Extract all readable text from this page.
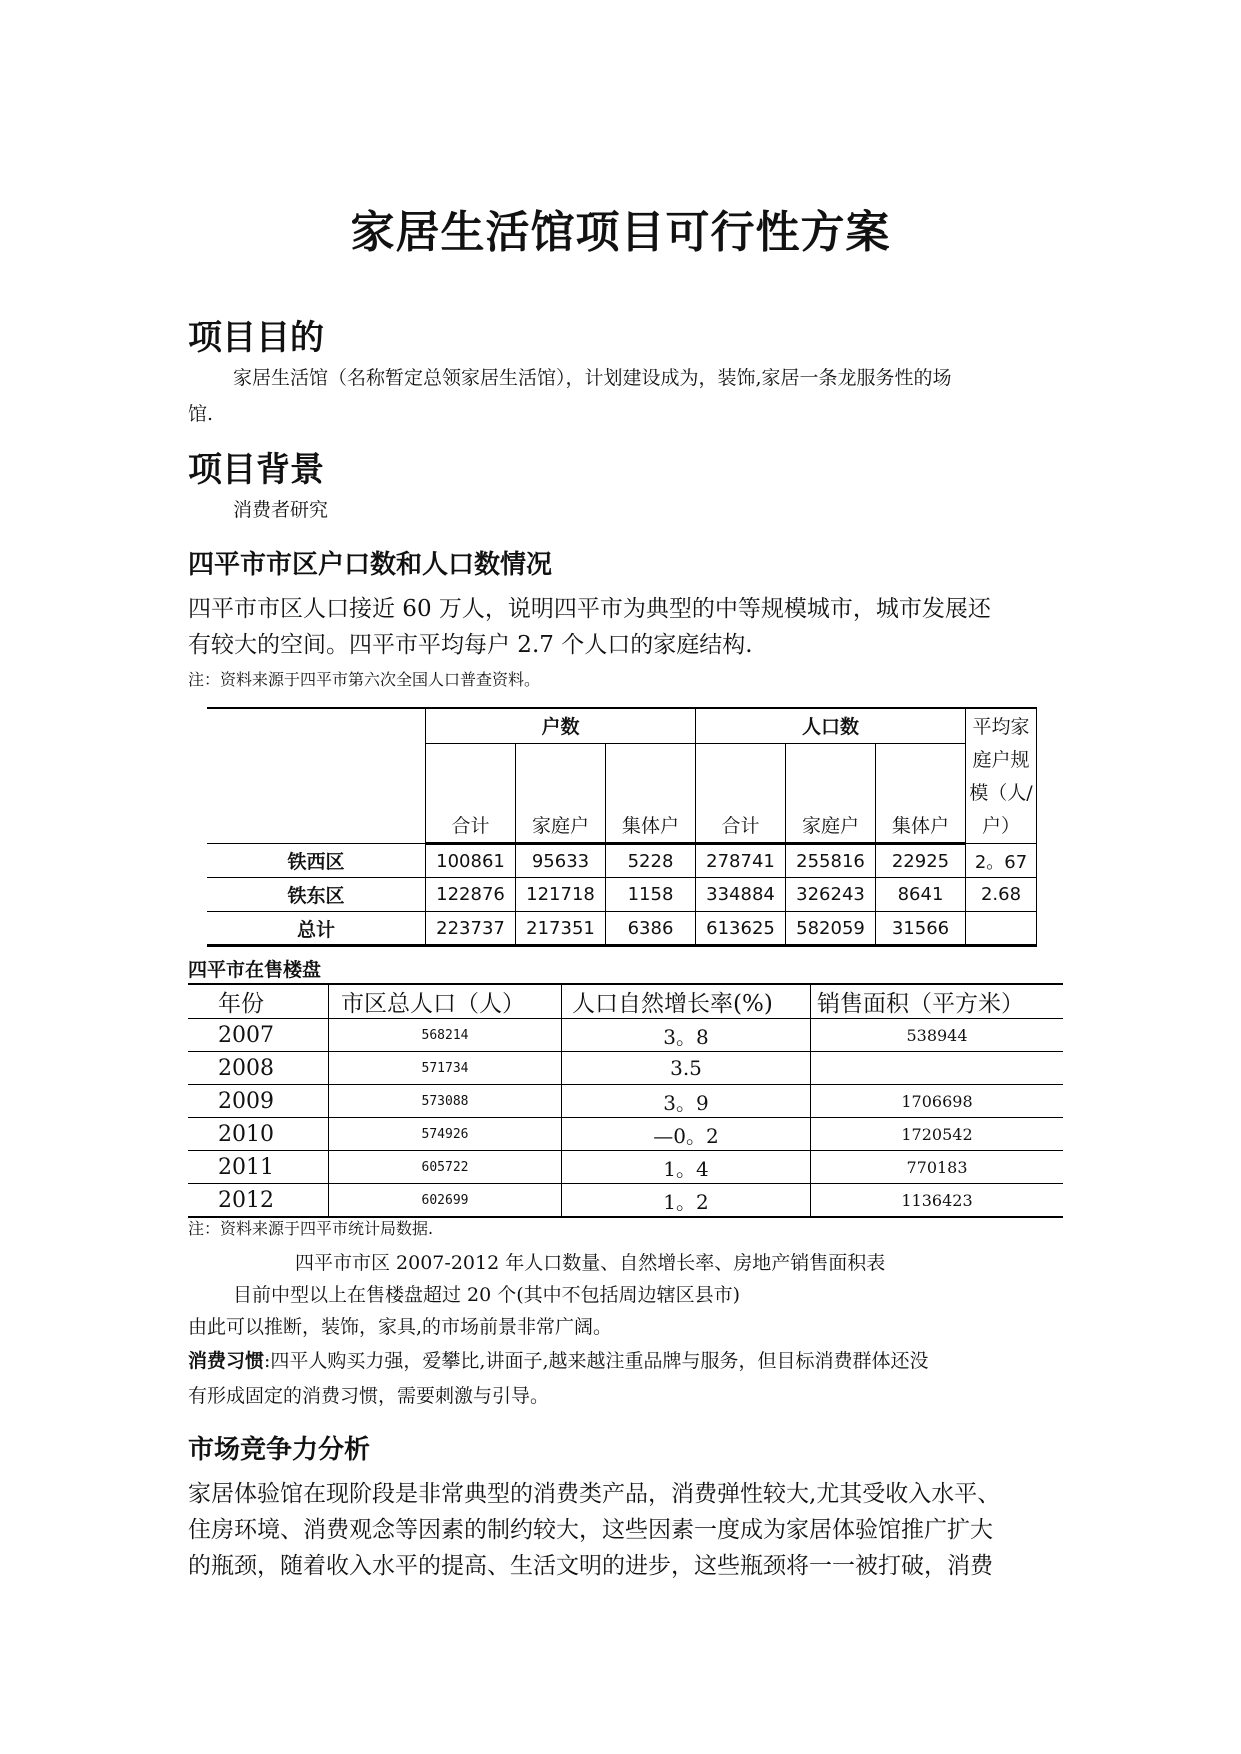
家居生活馆项目可行性方案
项目目的
家居生活馆（名称暂定总领家居生活馆），计划建设成为，装饰,家居一条龙服务性的场
馆.
项目背景
消费者研究
四平市市区户口数和人口数情况
四平市市区人口接近 60 万人，说明四平市为典型的中等规模城市，城市发展还
有较大的空间。四平市平均每户 2.7 个人口的家庭结构.
注：资料来源于四平市第六次全国人口普查资料。
	户数			人口数			平均家
庭户规
模（人/
户）

	合计	家庭户	集体户	合计	家庭户	集体户	
铁西区	100861	95633	5228	278741	255816	22925	2。67
铁东区	122876	121718	1158	334884	326243	8641	2.68
总计	223737	217351	6386	613625	582059	31566	
四平市在售楼盘
年份	市区总人口（人）	人口自然增长率(%)	销售面积（平方米）
2007	568214	3。8	538944
2008	571734	3.5	
2009	573088	3。9	1706698
2010	574926	—0。2	1720542
2011	605722	1。4	770183
2012	602699	1。2	1136423
注：资料来源于四平市统计局数据.
四平市市区 2007-2012 年人口数量、自然增长率、房地产销售面积表
目前中型以上在售楼盘超过 20 个(其中不包括周边辖区县市)
由此可以推断，装饰，家具,的市场前景非常广阔。
消费习惯:四平人购买力强，爱攀比,讲面子,越来越注重品牌与服务，但目标消费群体还没
有形成固定的消费习惯，需要刺激与引导。
市场竞争力分析
家居体验馆在现阶段是非常典型的消费类产品，消费弹性较大,尤其受收入水平、
住房环境、消费观念等因素的制约较大，这些因素一度成为家居体验馆推广扩大
的瓶颈，随着收入水平的提高、生活文明的进步，这些瓶颈将一一被打破，消费
